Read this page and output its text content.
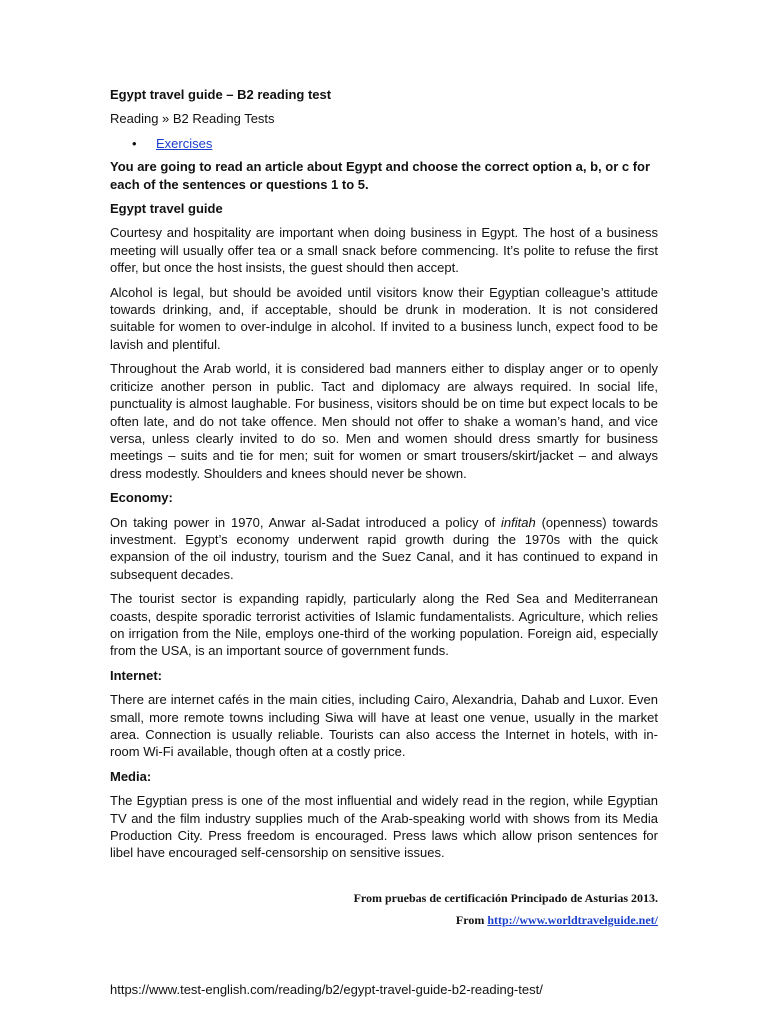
Egypt travel guide – B2 reading test

Reading » B2 Reading Tests

• Exercises

You are going to read an article about Egypt and choose the correct option a, b, or c for each of the sentences or questions 1 to 5.

Egypt travel guide

Courtesy and hospitality are important when doing business in Egypt. The host of a business meeting will usually offer tea or a small snack before commencing. It’s polite to refuse the first offer, but once the host insists, the guest should then accept.

Alcohol is legal, but should be avoided until visitors know their Egyptian colleague’s attitude towards drinking, and, if acceptable, should be drunk in moderation. It is not considered suitable for women to over-indulge in alcohol. If invited to a business lunch, expect food to be lavish and plentiful.

Throughout the Arab world, it is considered bad manners either to display anger or to openly criticize another person in public. Tact and diplomacy are always required. In social life, punctuality is almost laughable. For business, visitors should be on time but expect locals to be often late, and do not take offence. Men should not offer to shake a woman’s hand, and vice versa, unless clearly invited to do so. Men and women should dress smartly for business meetings – suits and tie for men; suit for women or smart trousers/skirt/jacket – and always dress modestly. Shoulders and knees should never be shown.

Economy:

On taking power in 1970, Anwar al-Sadat introduced a policy of infitah (openness) towards investment. Egypt’s economy underwent rapid growth during the 1970s with the quick expansion of the oil industry, tourism and the Suez Canal, and it has continued to expand in subsequent decades.

The tourist sector is expanding rapidly, particularly along the Red Sea and Mediterranean coasts, despite sporadic terrorist activities of Islamic fundamentalists. Agriculture, which relies on irrigation from the Nile, employs one-third of the working population. Foreign aid, especially from the USA, is an important source of government funds.

Internet:

There are internet cafés in the main cities, including Cairo, Alexandria, Dahab and Luxor. Even small, more remote towns including Siwa will have at least one venue, usually in the market area. Connection is usually reliable. Tourists can also access the Internet in hotels, with in-room Wi-Fi available, though often at a costly price.

Media:

The Egyptian press is one of the most influential and widely read in the region, while Egyptian TV and the film industry supplies much of the Arab-speaking world with shows from its Media Production City. Press freedom is encouraged. Press laws which allow prison sentences for libel have encouraged self-censorship on sensitive issues.

From pruebas de certificación Principado de Asturias 2013.

From http://www.worldtravelguide.net/

https://www.test-english.com/reading/b2/egypt-travel-guide-b2-reading-test/
